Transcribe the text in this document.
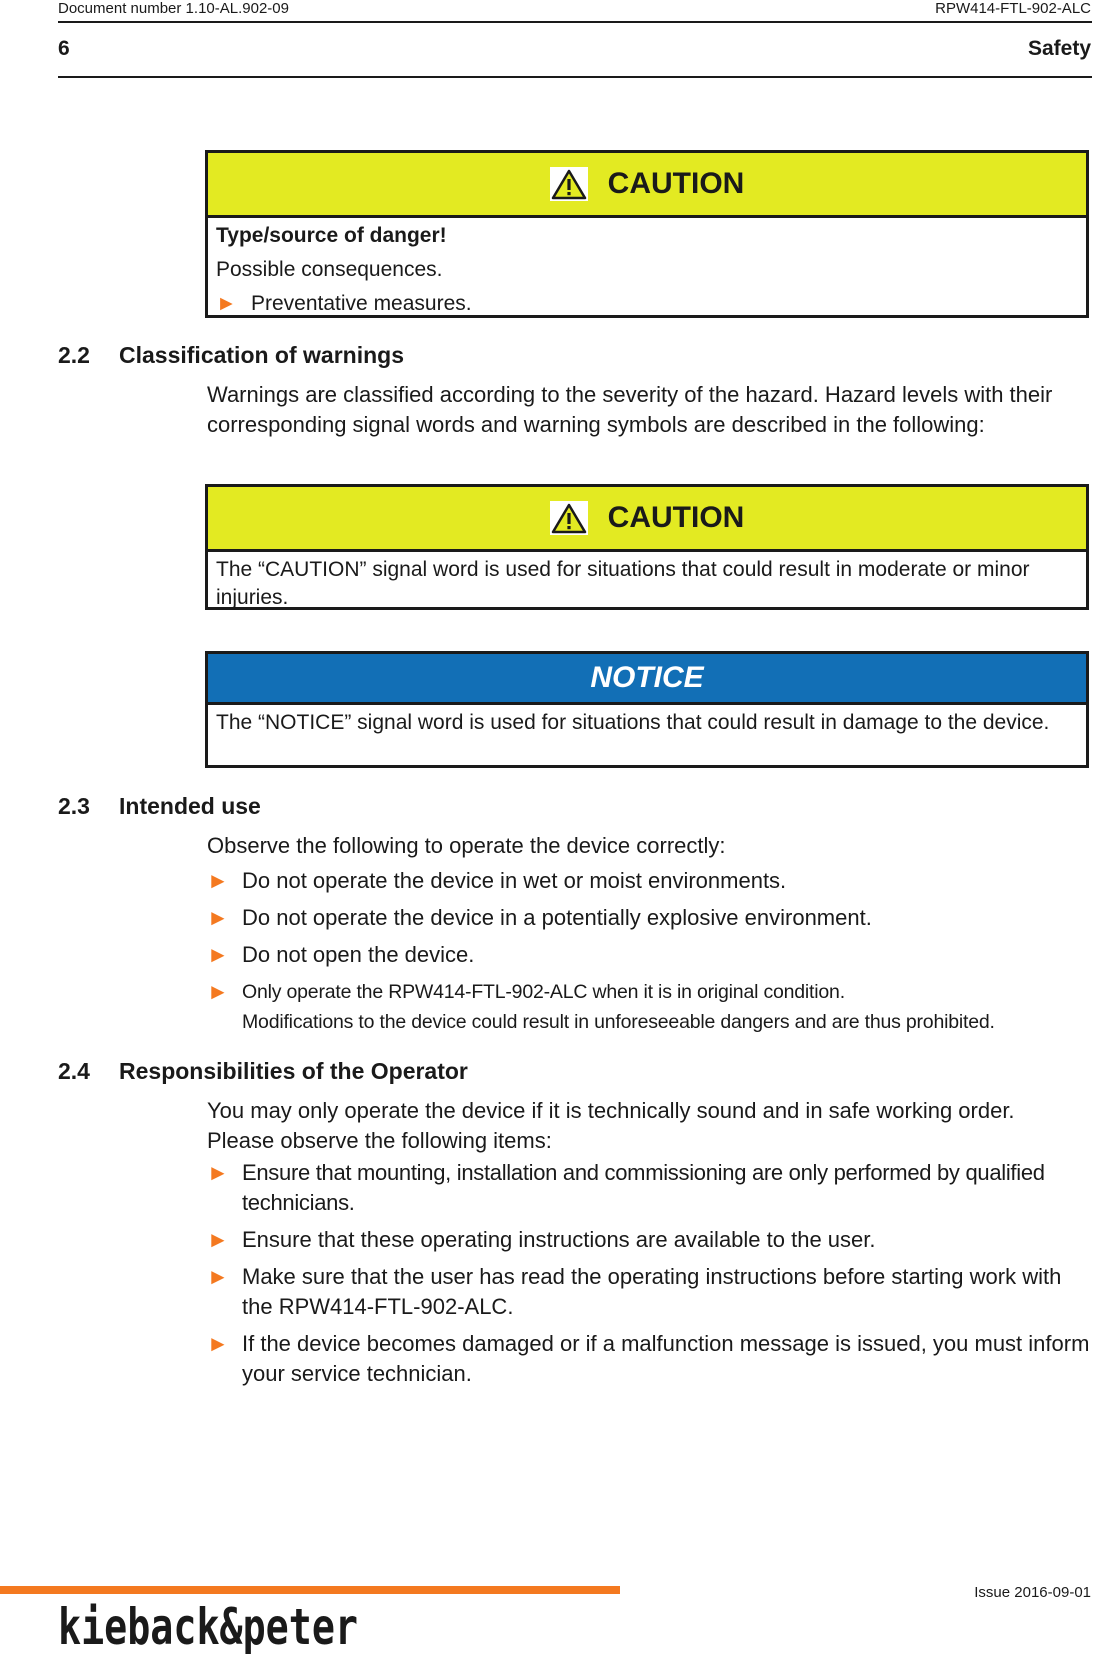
Document number 1.10-AL.902-09	RPW414-FTL-902-ALC
6	Safety
CAUTION

Type/source of danger!

Possible consequences.

► Preventative measures.

2.2 Classification of warnings

Warnings are classified according to the severity of the hazard. Hazard levels with their corresponding signal words and warning symbols are described in the following:

CAUTION

The “CAUTION” signal word is used for situations that could result in moderate or minor injuries.

NOTICE

The “NOTICE” signal word is used for situations that could result in damage to the device.

2.3 Intended use

Observe the following to operate the device correctly:

► Do not operate the device in wet or moist environments.
► Do not operate the device in a potentially explosive environment.
► Do not open the device.
► Only operate the RPW414-FTL-902-ALC when it is in original condition.
Modifications to the device could result in unforeseeable dangers and are thus prohibited.
2.4 Responsibilities of the Operator

You may only operate the device if it is technically sound and in safe working order.

Please observe the following items:

► Ensure that mounting, installation and commissioning are only performed by qualified technicians.
► Ensure that these operating instructions are available to the user.
► Make sure that the user has read the operating instructions before starting work with the RPW414-FTL-902-ALC.
► If the device becomes damaged or if a malfunction message is issued, you must inform your service technician.
Issue 2016-09-01
kieback&peter
